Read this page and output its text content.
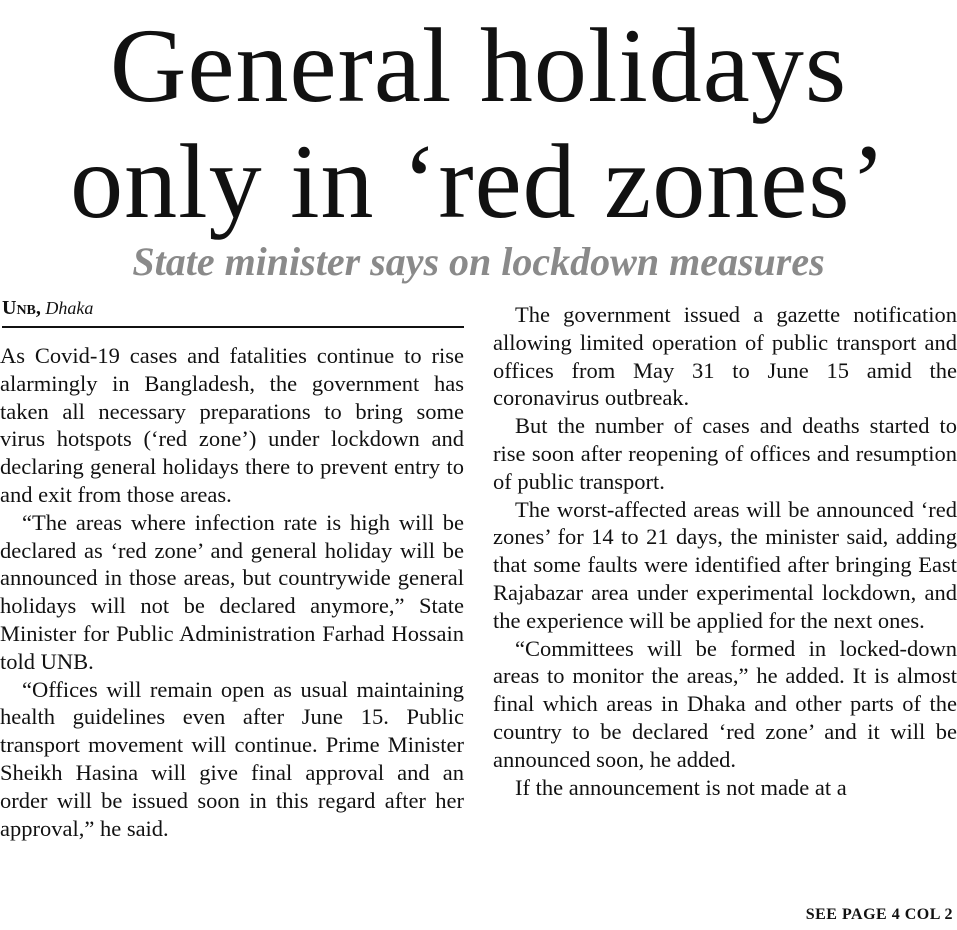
General holidays
only in ‘red zones’
State minister says on lockdown measures
Unb, Dhaka

As Covid-19 cases and fatalities continue to rise alarmingly in Bangladesh, the government has taken all necessary preparations to bring some virus hotspots (‘red zone’) under lockdown and declaring general holidays there to prevent entry to and exit from those areas.

“The areas where infection rate is high will be declared as ‘red zone’ and general holiday will be announced in those areas, but countrywide general holidays will not be declared anymore,” State Minister for Public Administration Farhad Hossain told UNB.

“Offices will remain open as usual maintaining health guidelines even after June 15. Public transport movement will continue. Prime Minister Sheikh Hasina will give final approval and an order will be issued soon in this regard after her approval,” he said.

The government issued a gazette notification allowing limited operation of public transport and offices from May 31 to June 15 amid the coronavirus outbreak.

But the number of cases and deaths started to rise soon after reopening of offices and resumption of public transport.

The worst-affected areas will be announced ‘red zones’ for 14 to 21 days, the minister said, adding that some faults were identified after bringing East Rajabazar area under experimental lockdown, and the experience will be applied for the next ones.

“Committees will be formed in locked-down areas to monitor the areas,” he added. It is almost final which areas in Dhaka and other parts of the country to be declared ‘red zone’ and it will be announced soon, he added.

If the announcement is not made at a

SEE PAGE 4 COL 2
